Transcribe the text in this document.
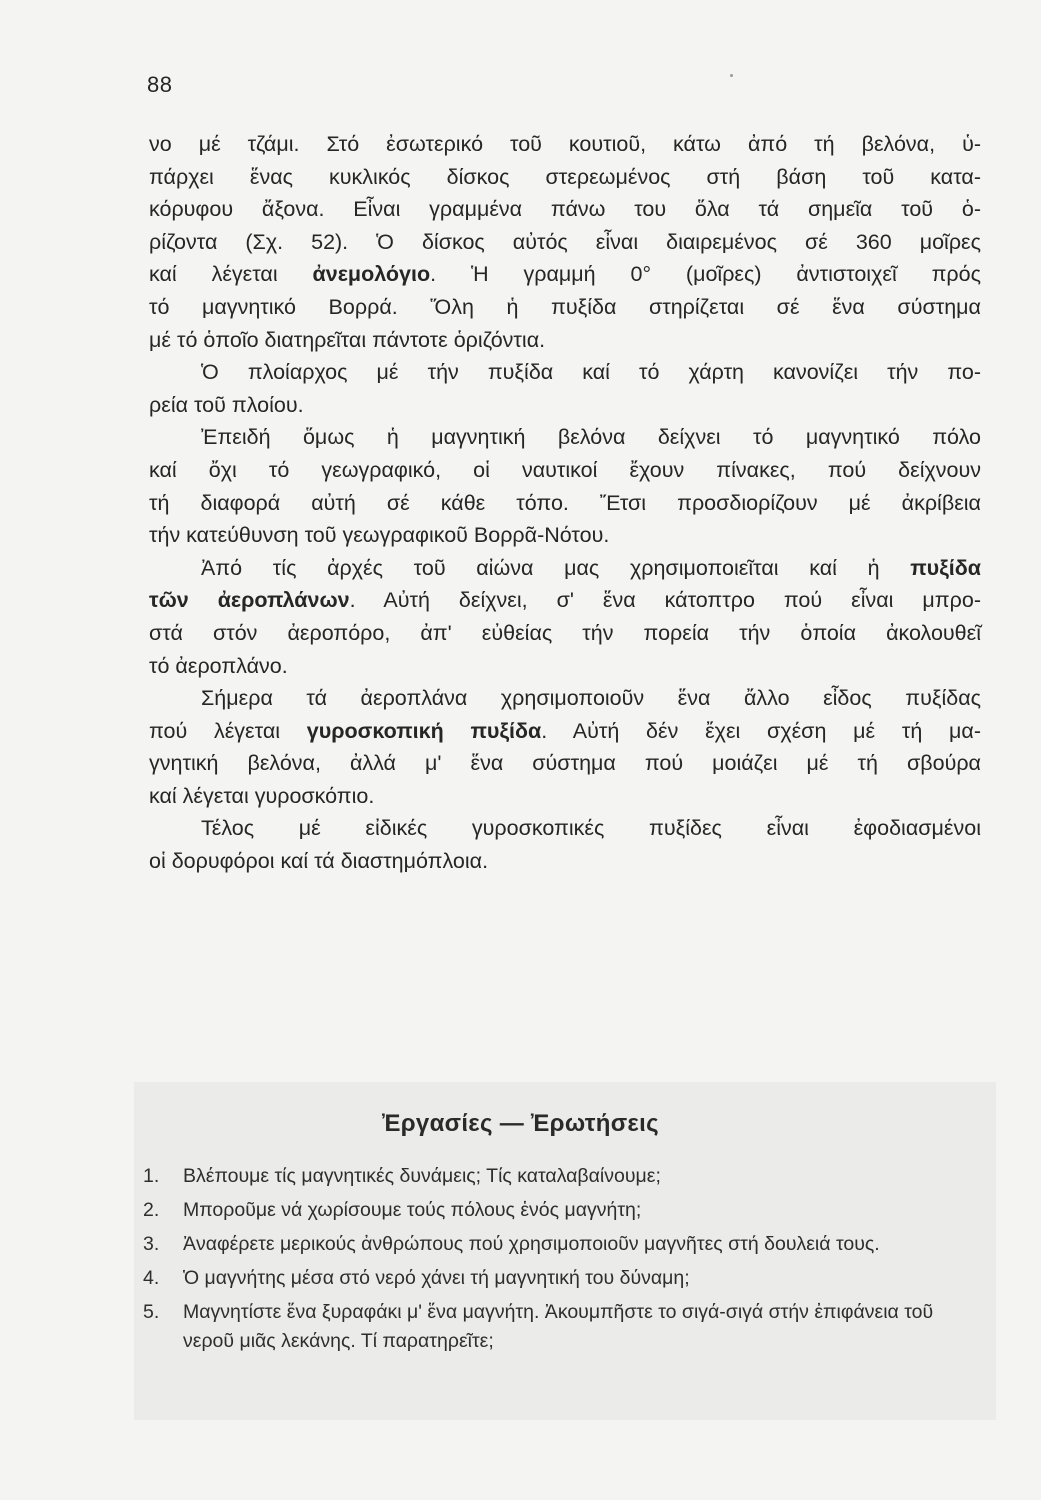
88

νο μέ τζάμι. Στό ἐσωτερικό τοῦ κουτιοῦ, κάτω ἀπό τή βελόνα, ὑ-
πάρχει ἕνας κυκλικός δίσκος στερεωμένος στή βάση τοῦ κατα-
κόρυφου ἄξονα. Εἶναι γραμμένα πάνω του ὅλα τά σημεῖα τοῦ ὁ-
ρίζοντα (Σχ. 52). Ὁ δίσκος αὐτός εἶναι διαιρεμένος σέ 360 μοῖρες
καί λέγεται ἀνεμολόγιο. Ἡ γραμμή 0° (μοῖρες) ἀντιστοιχεῖ πρός
τό μαγνητικό Βορρά. Ὅλη ἡ πυξίδα στηρίζεται σέ ἕνα σύστημα
μέ τό ὁποῖο διατηρεῖται πάντοτε ὁριζόντια.

Ὁ πλοίαρχος μέ τήν πυξίδα καί τό χάρτη κανονίζει τήν πο-
ρεία τοῦ πλοίου.

Ἐπειδή ὅμως ἡ μαγνητική βελόνα δείχνει τό μαγνητικό πόλο
καί ὄχι τό γεωγραφικό, οἱ ναυτικοί ἔχουν πίνακες, πού δείχνουν
τή διαφορά αὐτή σέ κάθε τόπο. Ἔτσι προσδιορίζουν μέ ἀκρίβεια
τήν κατεύθυνση τοῦ γεωγραφικοῦ Βορρᾶ-Νότου.

Ἀπό τίς ἀρχές τοῦ αἰώνα μας χρησιμοποιεῖται καί ἡ πυξίδα
τῶν ἀεροπλάνων. Αὐτή δείχνει, σ' ἕνα κάτοπτρο πού εἶναι μπρο-
στά στόν ἀεροπόρο, ἀπ' εὐθείας τήν πορεία τήν ὁποία ἀκολουθεῖ
τό ἀεροπλάνο.

Σήμερα τά ἀεροπλάνα χρησιμοποιοῦν ἕνα ἄλλο εἶδος πυξίδας
πού λέγεται γυροσκοπική πυξίδα. Αὐτή δέν ἔχει σχέση μέ τή μα-
γνητική βελόνα, ἀλλά μ' ἕνα σύστημα πού μοιάζει μέ τή σβούρα
καί λέγεται γυροσκόπιο.

Τέλος μέ εἰδικές γυροσκοπικές πυξίδες εἶναι ἐφοδιασμένοι
οἱ δορυφόροι καί τά διαστημόπλοια.

Ἐργασίες — Ἐρωτήσεις
1.	Βλέπουμε τίς μαγνητικές δυνάμεις; Τίς καταλαβαίνουμε;
2.	Μποροῦμε νά χωρίσουμε τούς πόλους ἑνός μαγνήτη;
3.	Ἀναφέρετε μερικούς ἀνθρώπους πού χρησιμοποιοῦν μαγνῆτες στή δουλειά τους.
4.	Ὁ μαγνήτης μέσα στό νερό χάνει τή μαγνητική του δύναμη;
5.	Μαγνητίστε ἕνα ξυραφάκι μ' ἕνα μαγνήτη. Ἀκουμπῆστε το σιγά-σιγά στήν ἐπιφάνεια τοῦ νεροῦ μιᾶς λεκάνης. Τί παρατηρεῖτε;
